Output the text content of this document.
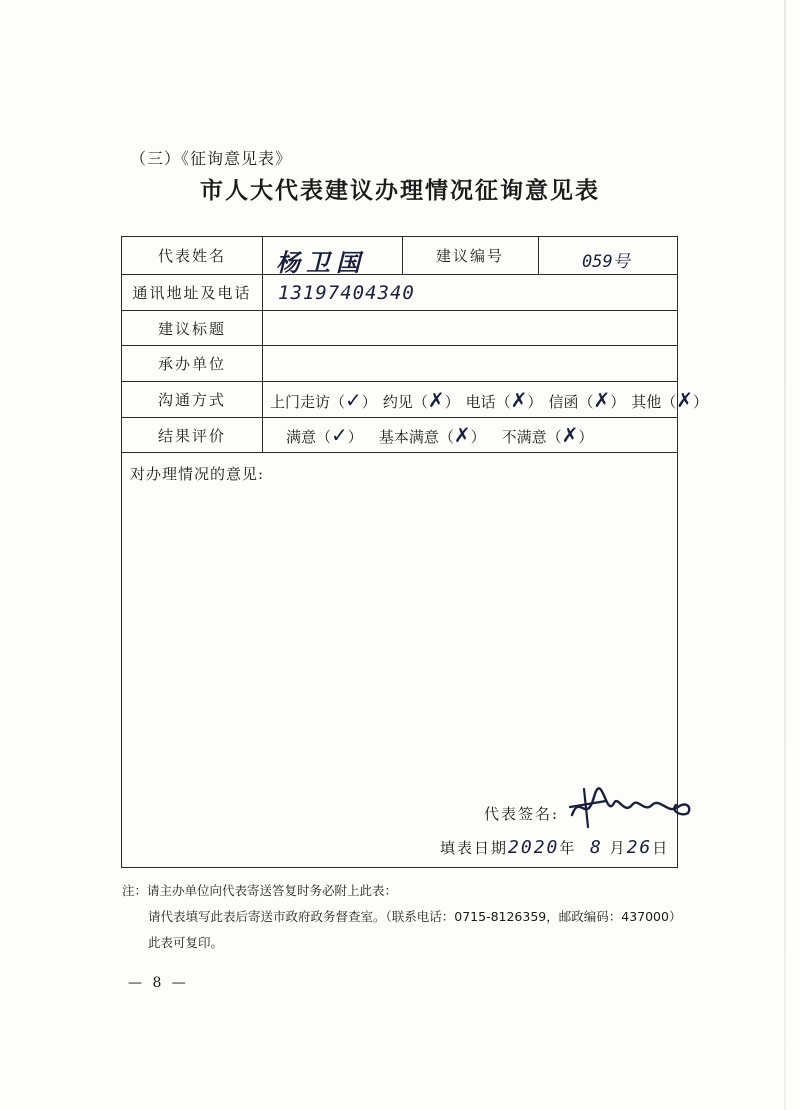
（三）《征询意见表》
市人大代表建议办理情况征询意见表
代表姓名	杨卫国	建议编号	059号
通讯地址及电话	13197404340
建议标题
承办单位
沟通方式	上门走访（✓） 约见（✗） 电话（✗） 信函（✗） 其他（✗）
结果评价	满意（✓） 基本满意（✗） 不满意（✗）
对办理情况的意见:
代表签名:
填表日期2020年 8 月26日
注：请主办单位向代表寄送答复时务必附上此表：
请代表填写此表后寄送市政府政务督查室。（联系电话：0715-8126359，邮政编码：437000）
此表可复印。
— 8 —
